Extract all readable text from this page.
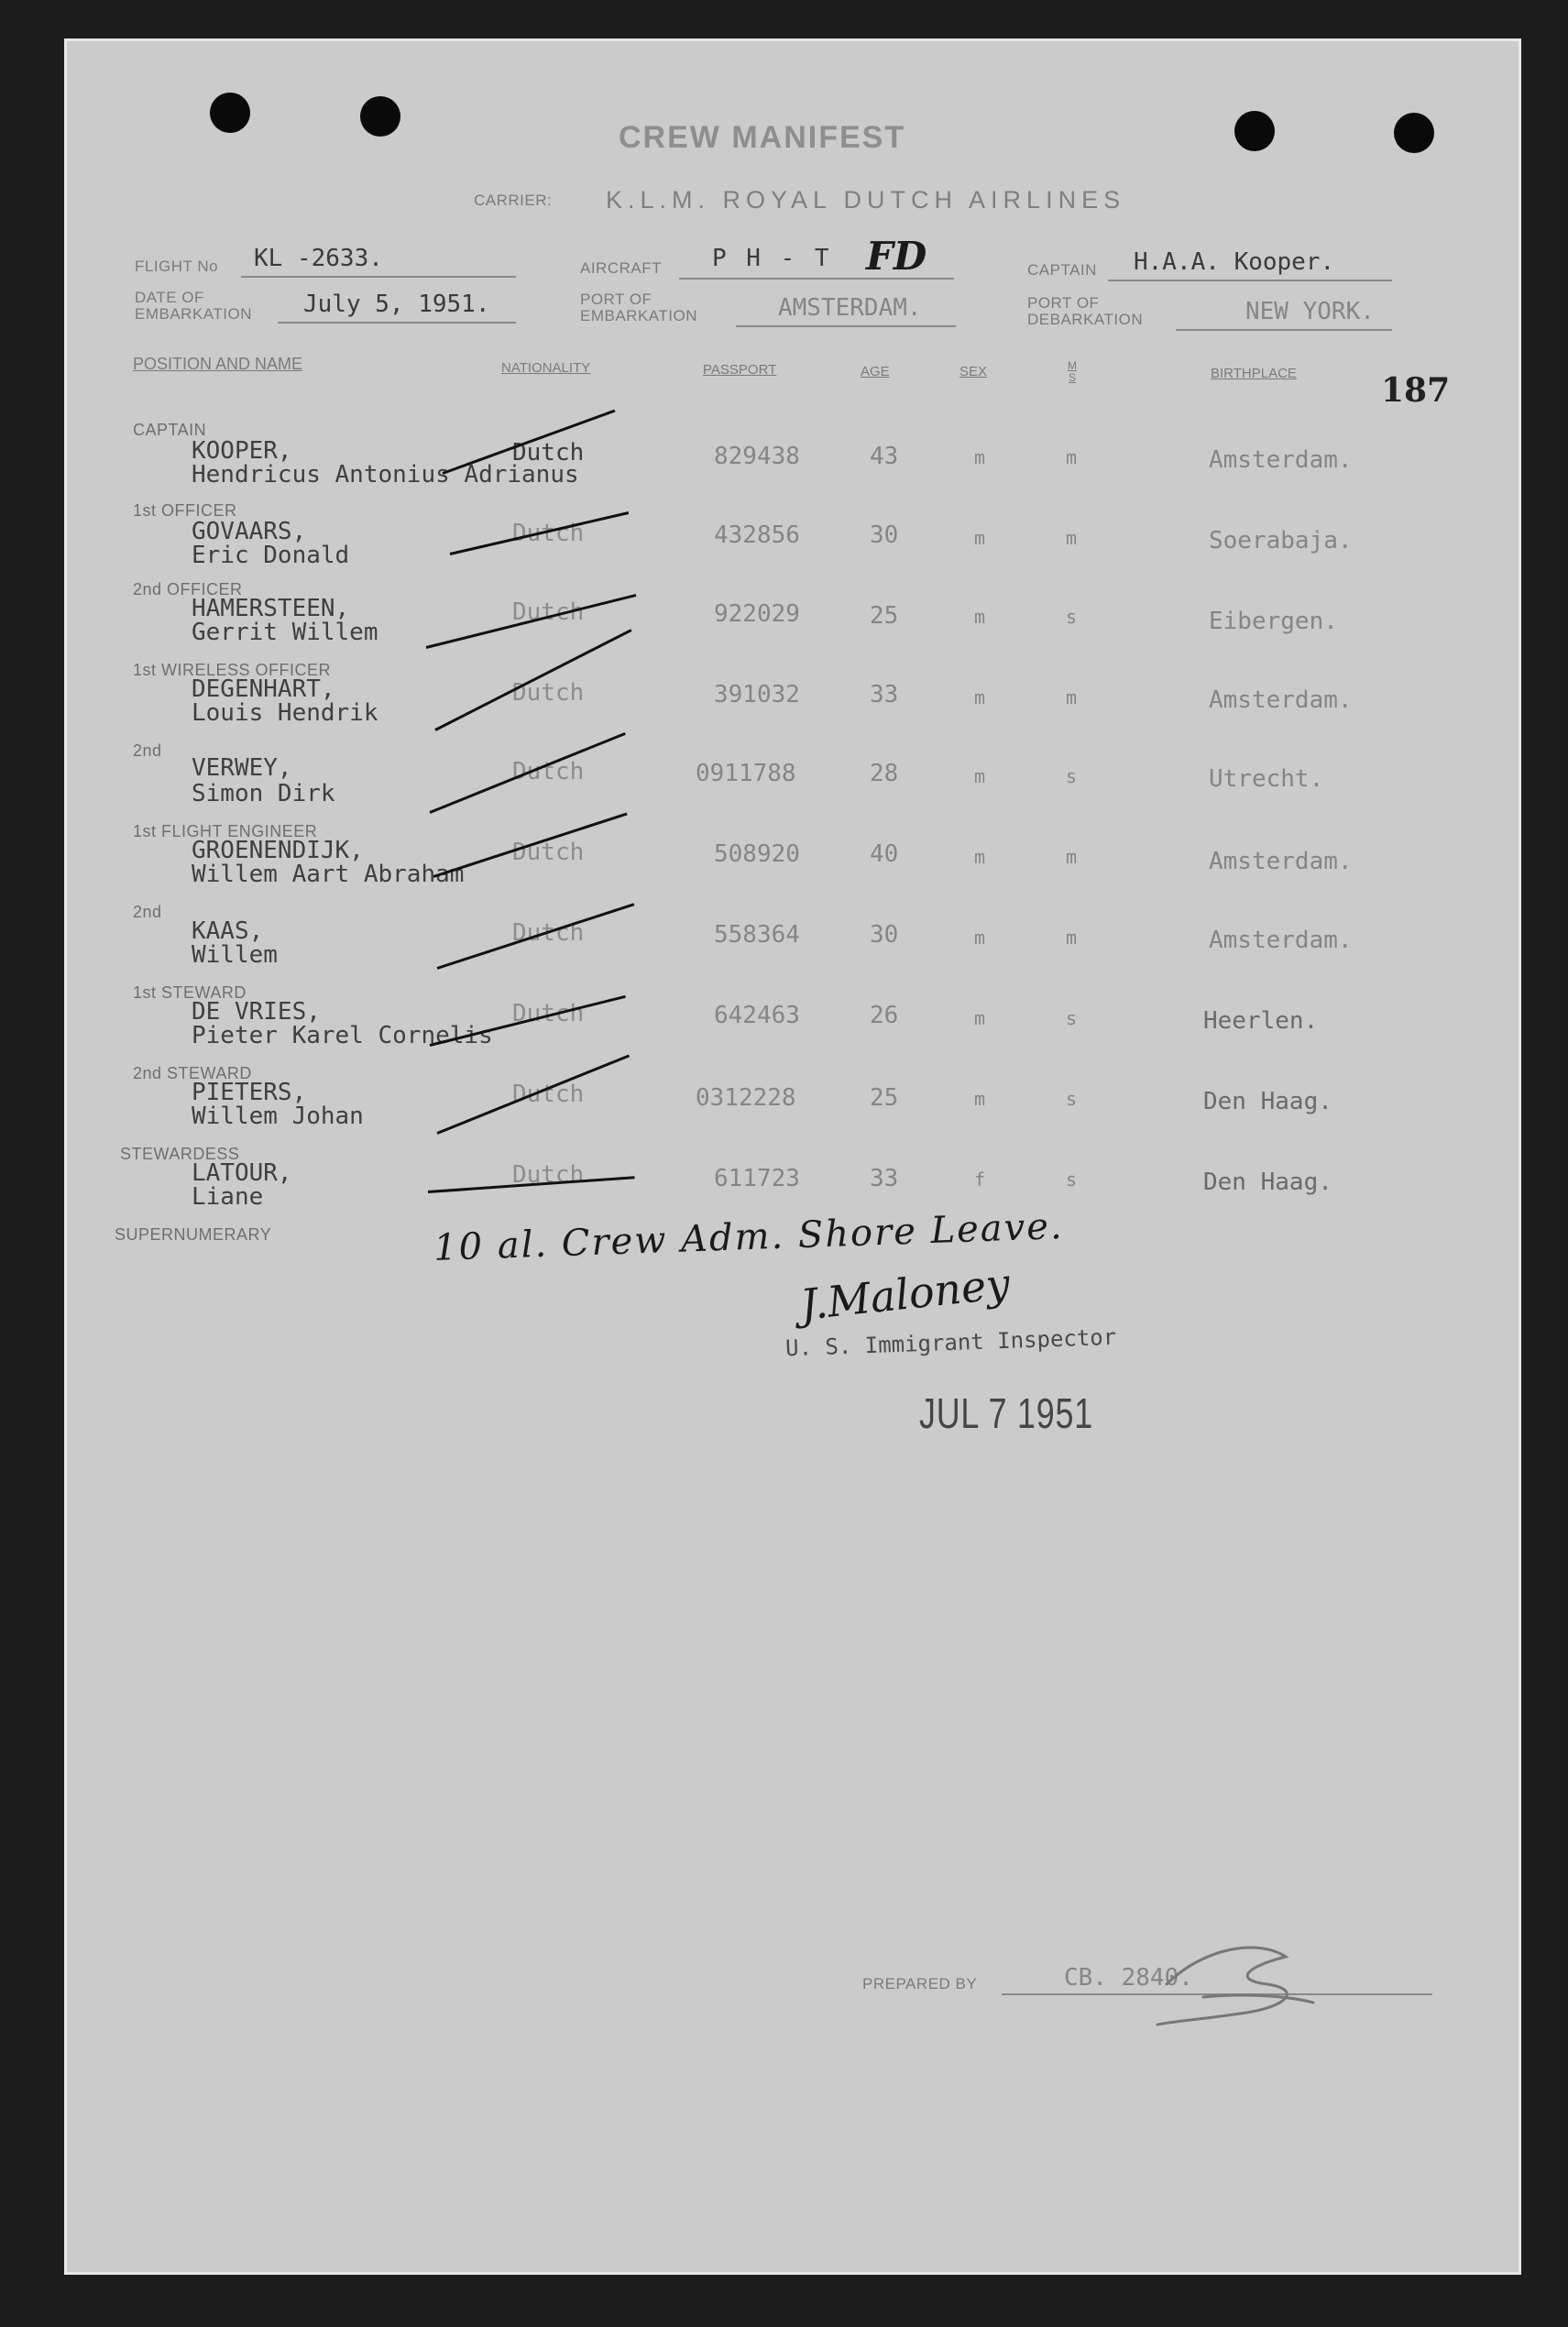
CREW MANIFEST
CARRIER: K.L.M. ROYAL DUTCH AIRLINES
FLIGHT No KL -2633.	AIRCRAFT P H - T FD	CAPTAIN H.A.A. Kooper.
DATE OF
EMBARKATION July 5, 1951.	PORT OF
EMBARKATION	AMSTERDAM.	PORT OF
DEBARKATION	NEW YORK.
POSITION AND NAME	NATIONALITY	PASSPORT	AGE	SEX	M S	BIRTHPLACE	187
CAPTAIN
KOOPER,
Hendricus Antonius Adrianus
Dutch	829438	43	m	m	Amsterdam.
1st OFFICER
GOVAARS,
Eric Donald
Dutch	432856	30	m	m	Soerabaja.
2nd OFFICER
HAMERSTEEN,
Gerrit Willem
Dutch	922029	25	m	s	Eibergen.
1st WIRELESS OFFICER
DEGENHART,
Louis Hendrik
Dutch	391032	33	m	m	Amsterdam.
2nd
VERWEY,
Simon Dirk
Dutch	0911788	28	m	s	Utrecht.
1st FLIGHT ENGINEER
GROENENDIJK,
Willem Aart Abraham
Dutch	508920	40	m	m	Amsterdam.
2nd
KAAS,
Willem
Dutch	558364	30	m	m	Amsterdam.
1st STEWARD
DE VRIES,
Pieter Karel Cornelis
Dutch	642463	26	m	s	Heerlen.
2nd STEWARD
PIETERS,
Willem Johan
Dutch	0312228	25	m	s	Den Haag.
STEWARDESS
LATOUR,
Liane
Dutch	611723	33	f	s	Den Haag.
SUPERNUMERARY	10 al. Crew Adm. Shore Leave.
J.Maloney
U. S. Immigrant Inspector
JUL 7 1951
PREPARED BY	CB. 2840.
